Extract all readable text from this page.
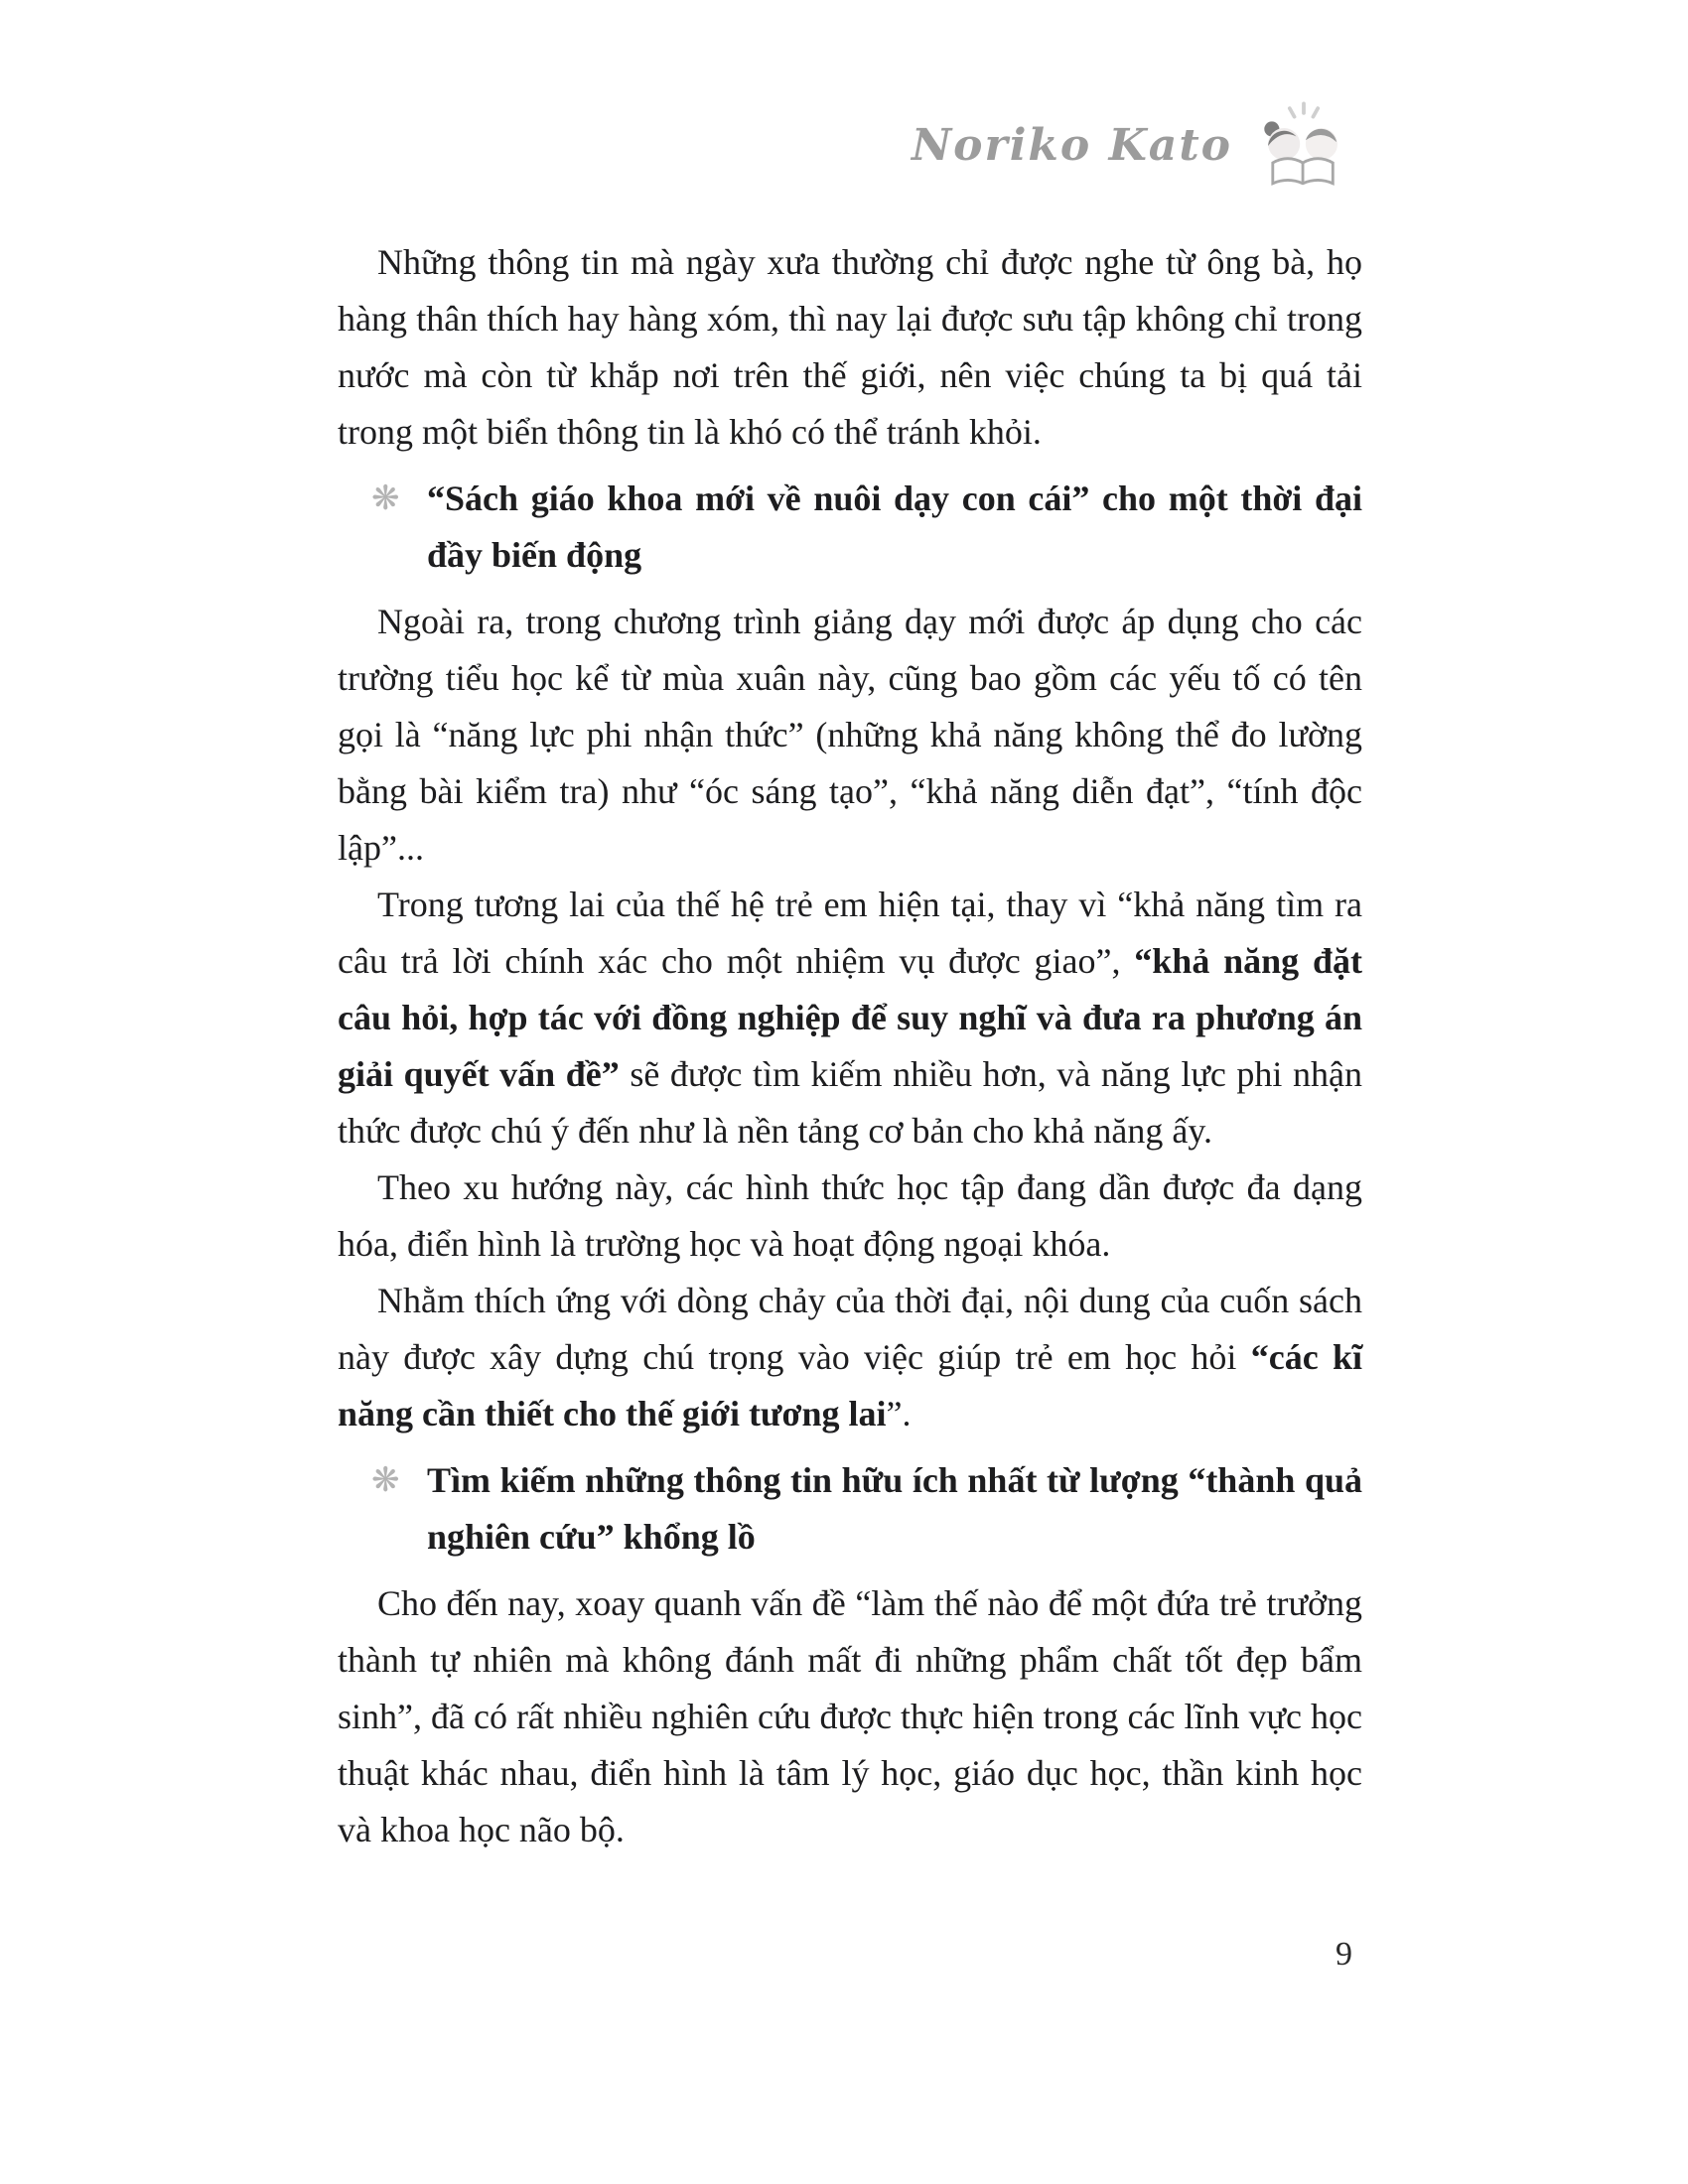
Noriko Kato

Những thông tin mà ngày xưa thường chỉ được nghe từ ông bà, họ hàng thân thích hay hàng xóm, thì nay lại được sưu tập không chỉ trong nước mà còn từ khắp nơi trên thế giới, nên việc chúng ta bị quá tải trong một biển thông tin là khó có thể tránh khỏi.

❋ “Sách giáo khoa mới về nuôi dạy con cái” cho một thời đại đầy biến động

Ngoài ra, trong chương trình giảng dạy mới được áp dụng cho các trường tiểu học kể từ mùa xuân này, cũng bao gồm các yếu tố có tên gọi là “năng lực phi nhận thức” (những khả năng không thể đo lường bằng bài kiểm tra) như “óc sáng tạo”, “khả năng diễn đạt”, “tính độc lập”...

Trong tương lai của thế hệ trẻ em hiện tại, thay vì “khả năng tìm ra câu trả lời chính xác cho một nhiệm vụ được giao”, “khả năng đặt câu hỏi, hợp tác với đồng nghiệp để suy nghĩ và đưa ra phương án giải quyết vấn đề” sẽ được tìm kiếm nhiều hơn, và năng lực phi nhận thức được chú ý đến như là nền tảng cơ bản cho khả năng ấy.

Theo xu hướng này, các hình thức học tập đang dần được đa dạng hóa, điển hình là trường học và hoạt động ngoại khóa.

Nhằm thích ứng với dòng chảy của thời đại, nội dung của cuốn sách này được xây dựng chú trọng vào việc giúp trẻ em học hỏi “các kĩ năng cần thiết cho thế giới tương lai”.

❋ Tìm kiếm những thông tin hữu ích nhất từ lượng “thành quả nghiên cứu” khổng lồ

Cho đến nay, xoay quanh vấn đề “làm thế nào để một đứa trẻ trưởng thành tự nhiên mà không đánh mất đi những phẩm chất tốt đẹp bẩm sinh”, đã có rất nhiều nghiên cứu được thực hiện trong các lĩnh vực học thuật khác nhau, điển hình là tâm lý học, giáo dục học, thần kinh học và khoa học não bộ.

9
